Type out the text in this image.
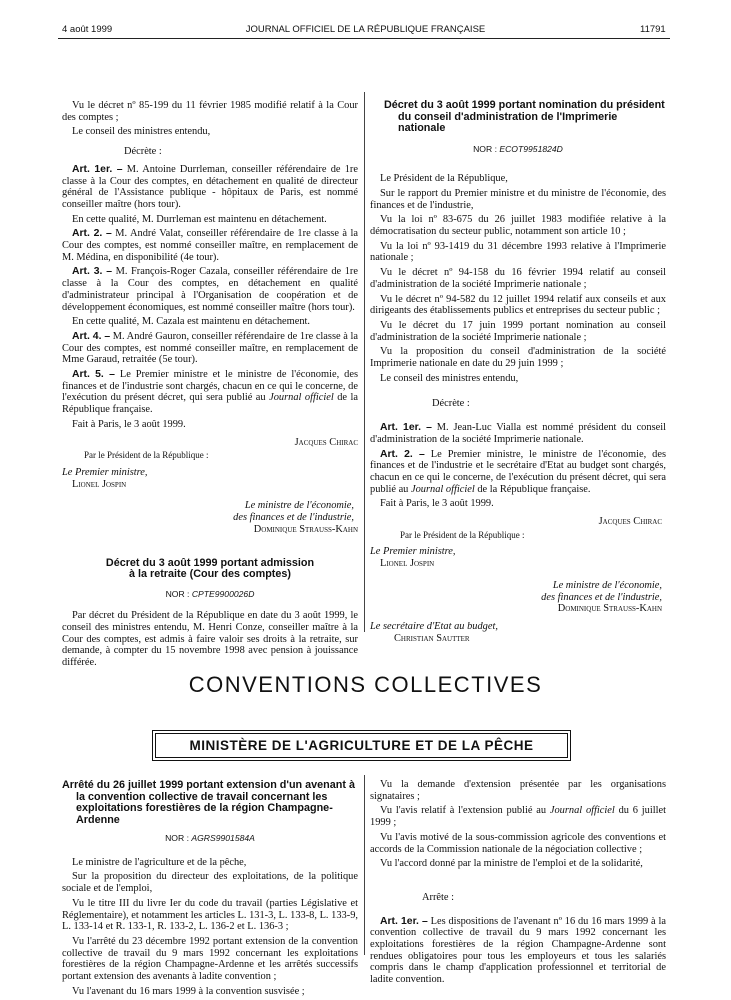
4 août 1999	JOURNAL OFFICIEL DE LA RÉPUBLIQUE FRANÇAISE	11791

Vu le décret nº 85-199 du 11 février 1985 modifié relatif à la Cour des comptes ;

Le conseil des ministres entendu,

Décrète :

Art. 1er. – M. Antoine Durrleman, conseiller référendaire de 1re classe à la Cour des comptes, en détachement en qualité de directeur général de l'Assistance publique - hôpitaux de Paris, est nommé conseiller maître (hors tour).

En cette qualité, M. Durrleman est maintenu en détachement.

Art. 2. – M. André Valat, conseiller référendaire de 1re classe à la Cour des comptes, est nommé conseiller maître, en remplacement de M. Médina, en disponibilité (4e tour).

Art. 3. – M. François-Roger Cazala, conseiller référendaire de 1re classe à la Cour des comptes, en détachement en qualité d'administrateur principal à l'Organisation de coopération et de développement économiques, est nommé conseiller maître (hors tour).

En cette qualité, M. Cazala est maintenu en détachement.

Art. 4. – M. André Gauron, conseiller référendaire de 1re classe à la Cour des comptes, est nommé conseiller maître, en remplacement de Mme Garaud, retraitée (5e tour).

Art. 5. – Le Premier ministre et le ministre de l'économie, des finances et de l'industrie sont chargés, chacun en ce qui le concerne, de l'exécution du présent décret, qui sera publié au Journal officiel de la République française.

Fait à Paris, le 3 août 1999.

Jacques Chirac
Par le Président de la République :
Le Premier ministre,
Lionel Jospin
Le ministre de l'économie,
des finances et de l'industrie,
Dominique Strauss-Kahn
Décret du 3 août 1999 portant admission
à la retraite (Cour des comptes)
NOR : CPTE9900026D

Par décret du Président de la République en date du 3 août 1999, le conseil des ministres entendu, M. Henri Conze, conseiller maître à la Cour des comptes, est admis à faire valoir ses droits à la retraite, sur demande, à compter du 15 novembre 1998 avec pension à jouissance différée.

Décret du 3 août 1999 portant nomination du président du conseil d'administration de l'Imprimerie nationale
NOR : ECOT9951824D

Le Président de la République,

Sur le rapport du Premier ministre et du ministre de l'économie, des finances et de l'industrie,

Vu la loi nº 83-675 du 26 juillet 1983 modifiée relative à la démocratisation du secteur public, notamment son article 10 ;

Vu la loi nº 93-1419 du 31 décembre 1993 relative à l'Imprimerie nationale ;

Vu le décret nº 94-158 du 16 février 1994 relatif au conseil d'administration de la société Imprimerie nationale ;

Vu le décret nº 94-582 du 12 juillet 1994 relatif aux conseils et aux dirigeants des établissements publics et entreprises du secteur public ;

Vu le décret du 17 juin 1999 portant nomination au conseil d'administration de la société Imprimerie nationale ;

Vu la proposition du conseil d'administration de la société Imprimerie nationale en date du 29 juin 1999 ;

Le conseil des ministres entendu,

Décrète :

Art. 1er. – M. Jean-Luc Vialla est nommé président du conseil d'administration de la société Imprimerie nationale.

Art. 2. – Le Premier ministre, le ministre de l'économie, des finances et de l'industrie et le secrétaire d'Etat au budget sont chargés, chacun en ce qui le concerne, de l'exécution du présent décret, qui sera publié au Journal officiel de la République française.

Fait à Paris, le 3 août 1999.

Jacques Chirac
Par le Président de la République :
Le Premier ministre,
Lionel Jospin
Le ministre de l'économie,
des finances et de l'industrie,
Dominique Strauss-Kahn
Le secrétaire d'Etat au budget,
Christian Sautter
CONVENTIONS COLLECTIVES
MINISTÈRE DE L'AGRICULTURE ET DE LA PÊCHE
Arrêté du 26 juillet 1999 portant extension d'un avenant à la convention collective de travail concernant les exploitations forestières de la région Champagne-Ardenne
NOR : AGRS9901584A

Le ministre de l'agriculture et de la pêche,

Sur la proposition du directeur des exploitations, de la politique sociale et de l'emploi,

Vu le titre III du livre Ier du code du travail (parties Législative et Réglementaire), et notamment les articles L. 131-3, L. 133-8, L. 133-9, L. 133-14 et R. 133-1, R. 133-2, L. 136-2 et L. 136-3 ;

Vu l'arrêté du 23 décembre 1992 portant extension de la convention collective de travail du 9 mars 1992 concernant les exploitations forestières de la région Champagne-Ardenne et les arrêtés successifs portant extension des avenants à ladite convention ;

Vu l'avenant du 16 mars 1999 à la convention susvisée ;

Vu la demande d'extension présentée par les organisations signataires ;

Vu l'avis relatif à l'extension publié au Journal officiel du 6 juillet 1999 ;

Vu l'avis motivé de la sous-commission agricole des conventions et accords de la Commission nationale de la négociation collective ;

Vu l'accord donné par la ministre de l'emploi et de la solidarité,

Arrête :

Art. 1er. – Les dispositions de l'avenant nº 16 du 16 mars 1999 à la convention collective de travail du 9 mars 1992 concernant les exploitations forestières de la région Champagne-Ardenne sont rendues obligatoires pour tous les employeurs et tous les salariés compris dans le champ d'application professionnel et territorial de ladite convention.
